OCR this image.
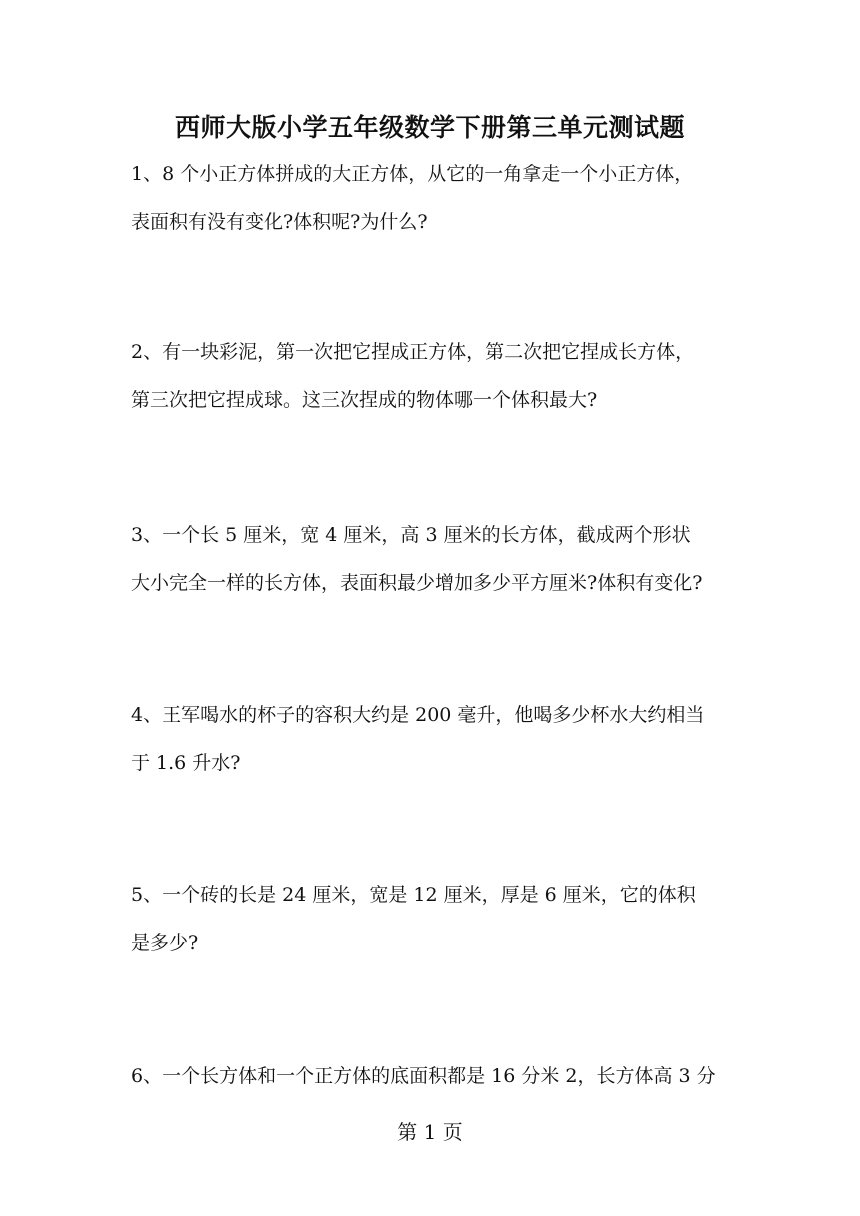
西师大版小学五年级数学下册第三单元测试题
1、8 个小正方体拼成的大正方体，从它的一角拿走一个小正方体，
表面积有没有变化?体积呢?为什么?
2、有一块彩泥，第一次把它捏成正方体，第二次把它捏成长方体，
第三次把它捏成球。这三次捏成的物体哪一个体积最大?
3、一个长 5 厘米，宽 4 厘米，高 3 厘米的长方体，截成两个形状
大小完全一样的长方体，表面积最少增加多少平方厘米?体积有变化?
4、王军喝水的杯子的容积大约是 200 毫升，他喝多少杯水大约相当
于 1.6 升水?
5、一个砖的长是 24 厘米，宽是 12 厘米，厚是 6 厘米，它的体积
是多少?
6、一个长方体和一个正方体的底面积都是 16 分米 2，长方体高 3 分
第 1 页
